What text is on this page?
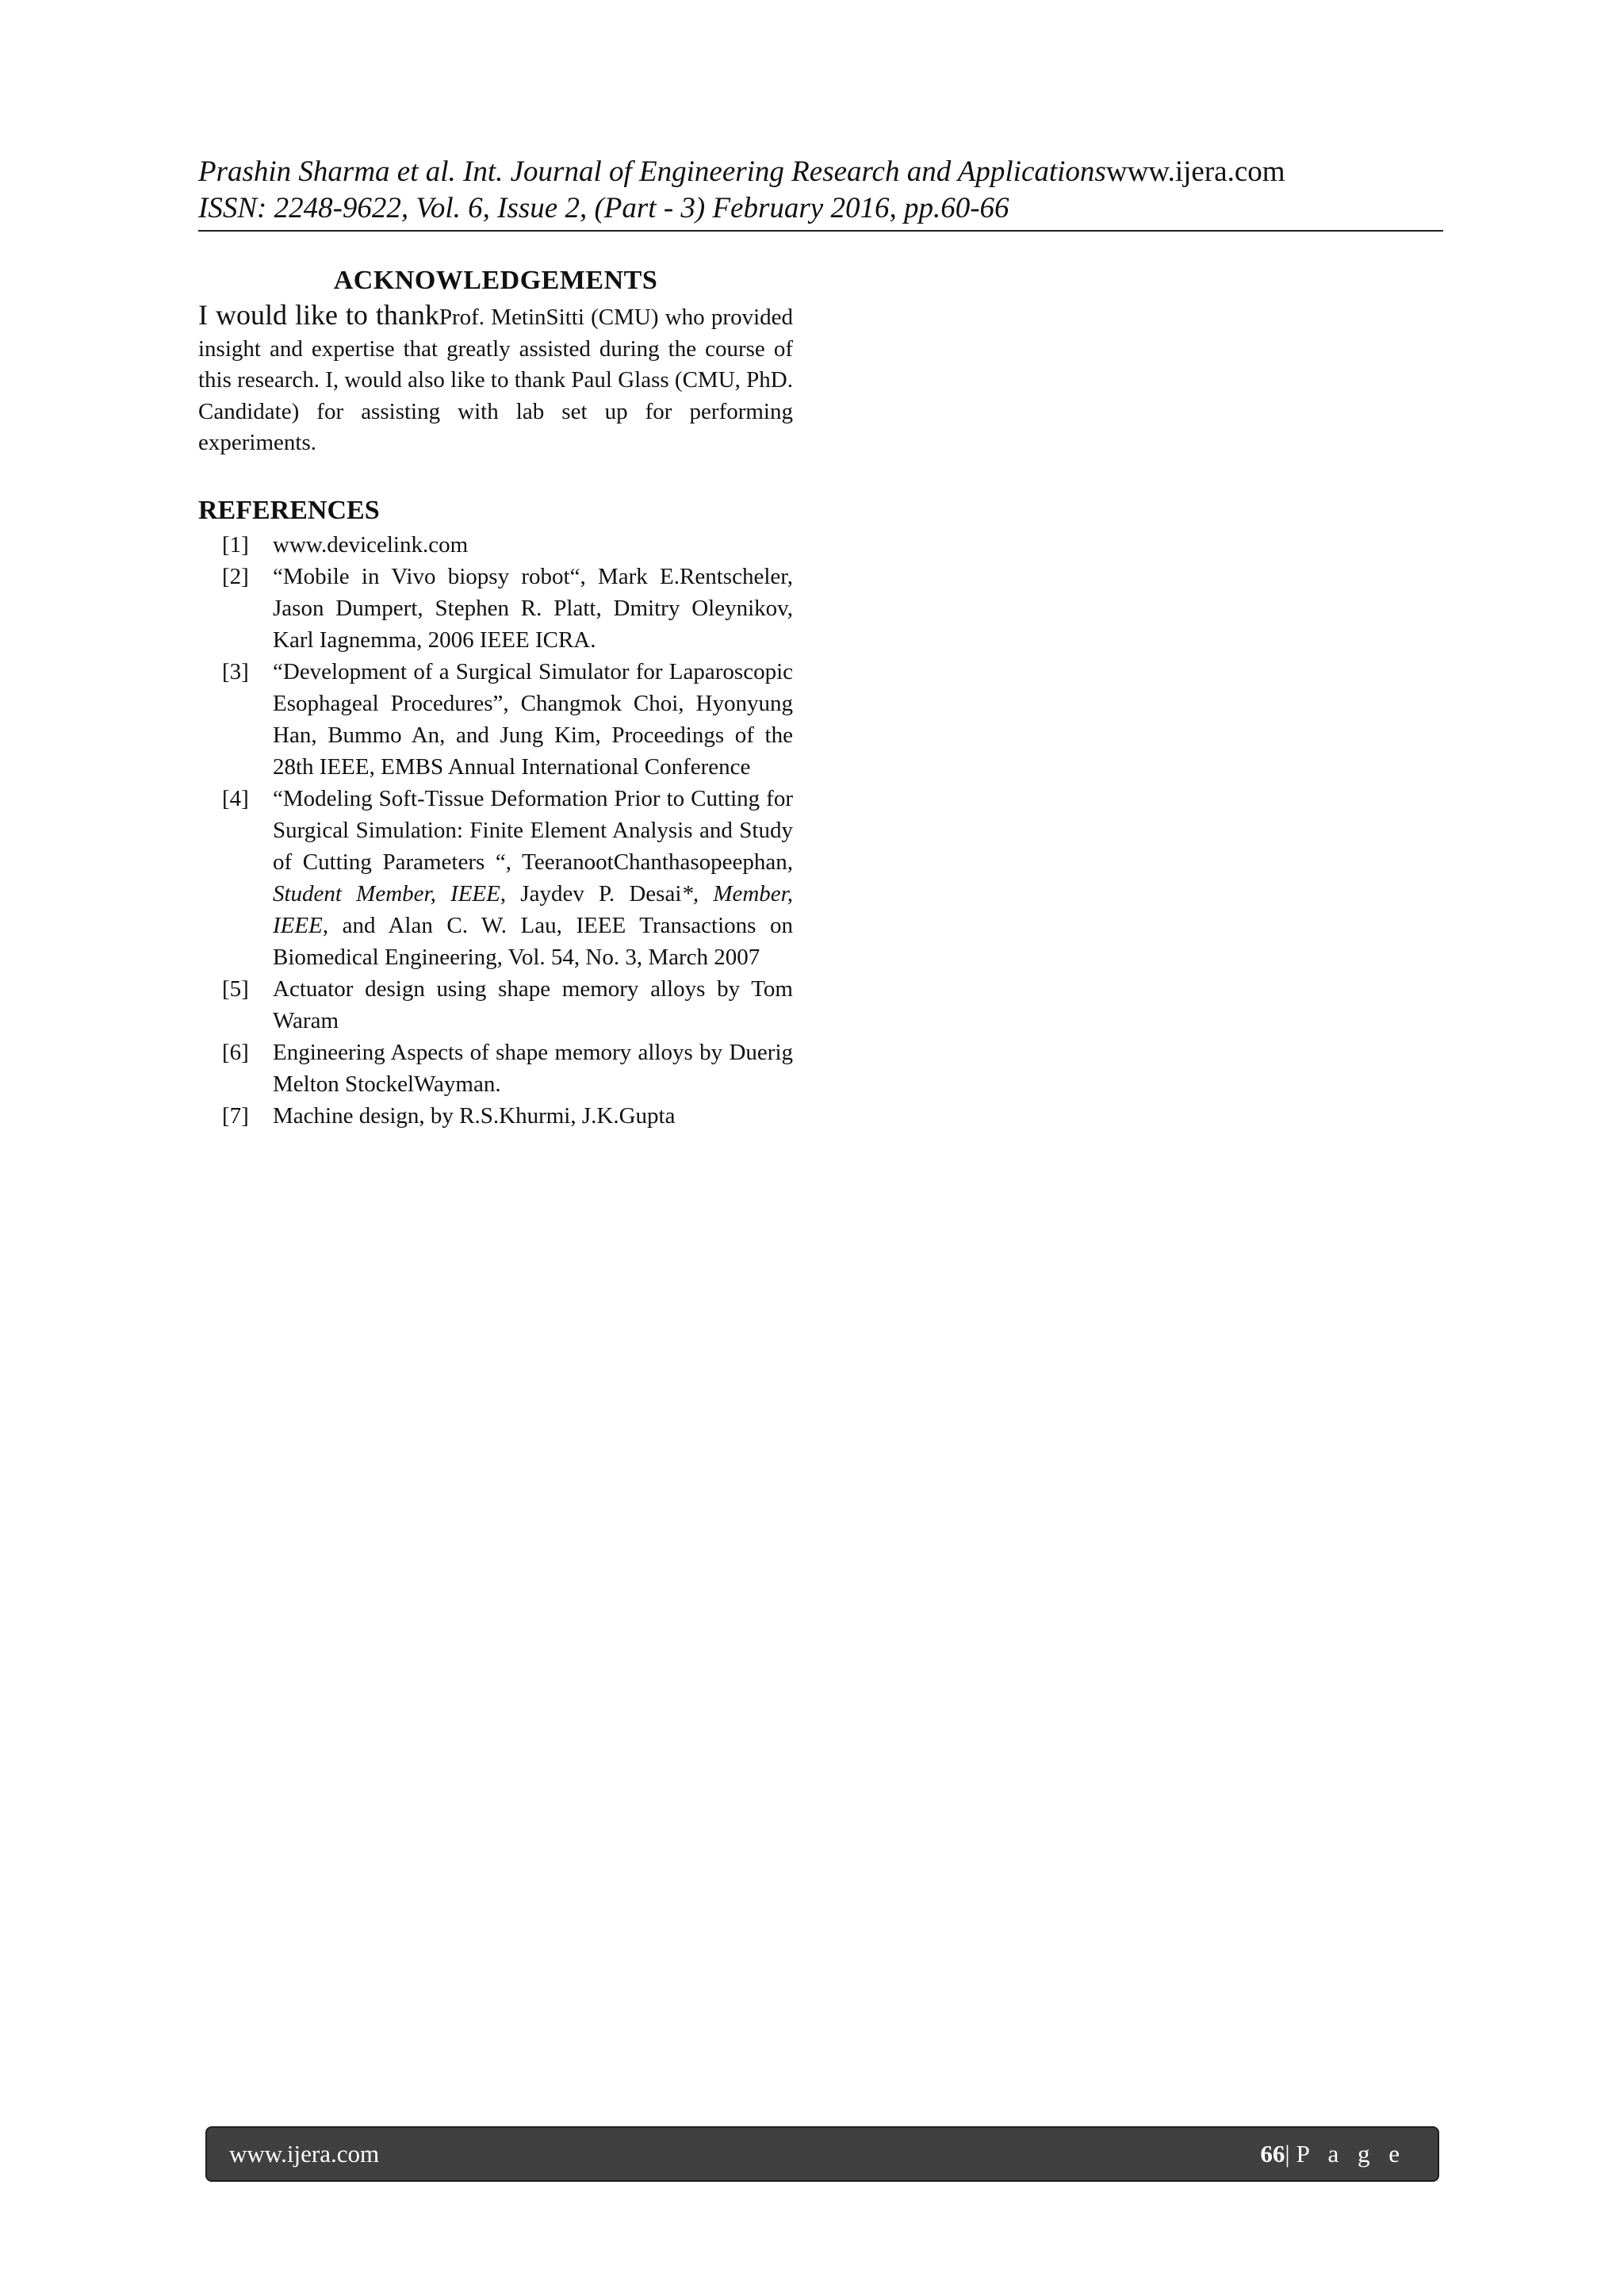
Prashin Sharma et al. Int. Journal of Engineering Research and Applicationswww.ijera.com
ISSN: 2248-9622, Vol. 6, Issue 2, (Part - 3) February 2016, pp.60-66
ACKNOWLEDGEMENTS

I would like to thankProf. MetinSitti (CMU) who provided insight and expertise that greatly assisted during the course of this research. I, would also like to thank Paul Glass (CMU, PhD. Candidate) for assisting with lab set up for performing experiments.

REFERENCES
[1]	www.devicelink.com
[2]	“Mobile in Vivo biopsy robot“, Mark E.Rentscheler, Jason Dumpert, Stephen R. Platt, Dmitry Oleynikov, Karl Iagnemma, 2006 IEEE ICRA.
[3]	“Development of a Surgical Simulator for Laparoscopic Esophageal Procedures”, Changmok Choi, Hyonyung Han, Bummo An, and Jung Kim, Proceedings of the 28th IEEE, EMBS Annual International Conference
[4]	“Modeling Soft-Tissue Deformation Prior to Cutting for Surgical Simulation: Finite Element Analysis and Study of Cutting Parameters “, TeeranootChanthasopeephan, Student Member, IEEE, Jaydev P. Desai*, Member, IEEE, and Alan C. W. Lau, IEEE Transactions on Biomedical Engineering, Vol. 54, No. 3, March 2007
[5]	Actuator design using shape memory alloys by Tom Waram
[6]	Engineering Aspects of shape memory alloys by Duerig Melton StockelWayman.
[7]	Machine design, by R.S.Khurmi, J.K.Gupta
www.ijera.com	66|P a g e
